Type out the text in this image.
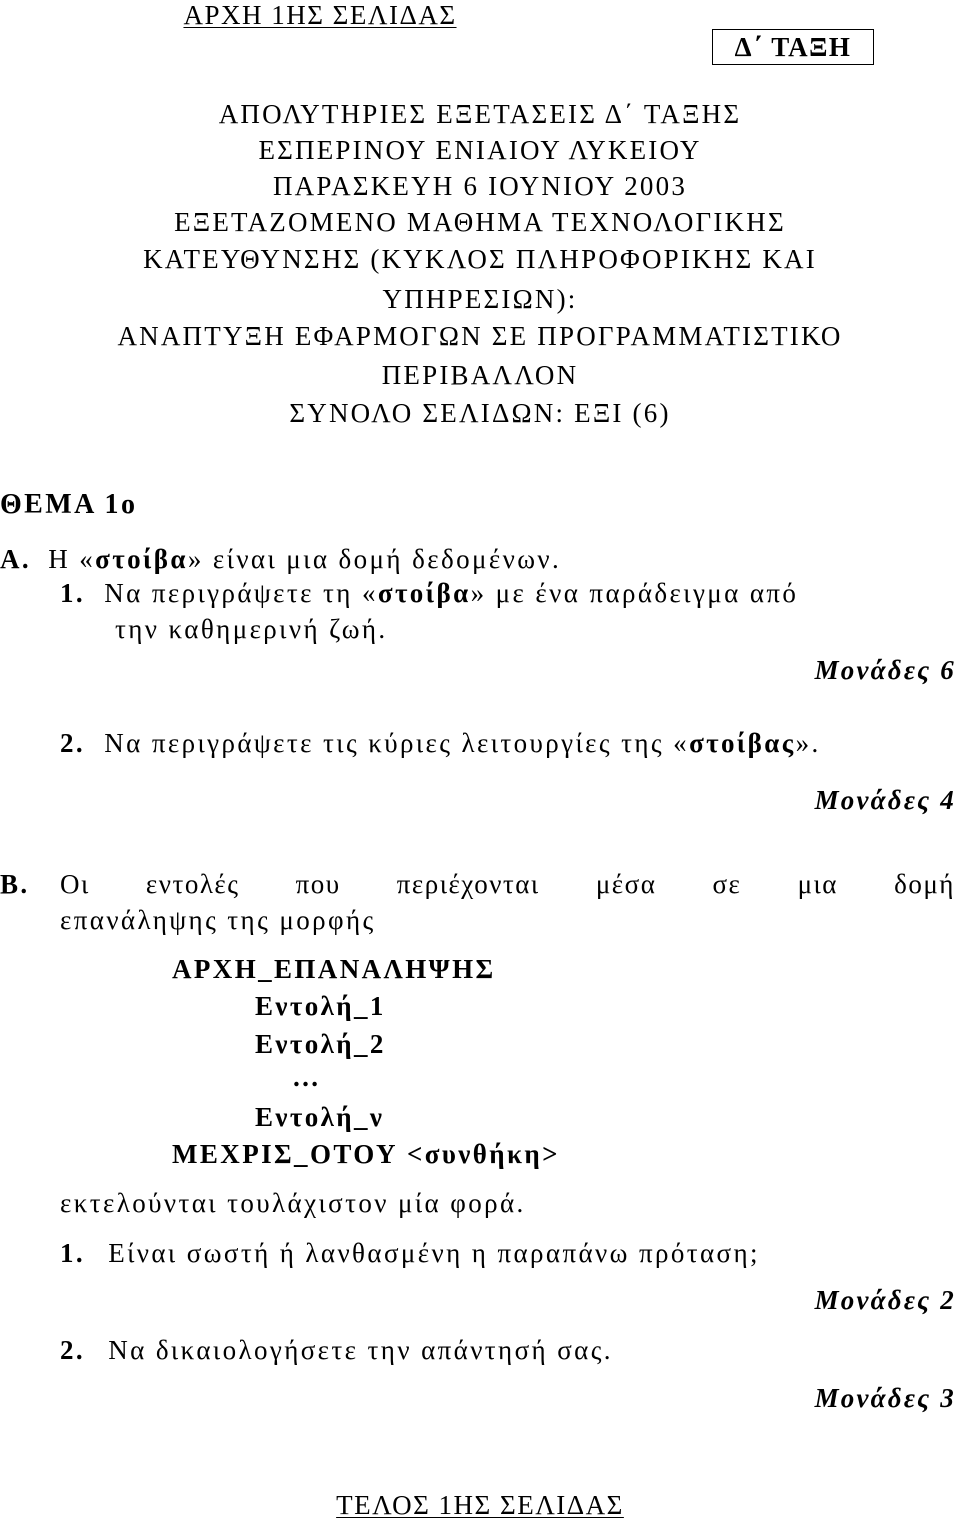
ΑΡΧΗ 1ΗΣ ΣΕΛΙΔΑΣ
Δ΄ ΤΑΞΗ
ΑΠΟΛΥΤΗΡΙΕΣ ΕΞΕΤΑΣΕΙΣ Δ΄ ΤΑΞΗΣ
ΕΣΠΕΡΙΝΟΥ ΕΝΙΑΙΟΥ ΛΥΚΕΙΟΥ
ΠΑΡΑΣΚΕΥΗ 6 ΙΟΥΝΙΟΥ 2003
ΕΞΕΤΑΖΟΜΕΝΟ ΜΑΘΗΜΑ ΤΕΧΝΟΛΟΓΙΚΗΣ
ΚΑΤΕΥΘΥΝΣΗΣ (ΚΥΚΛΟΣ ΠΛΗΡΟΦΟΡΙΚΗΣ ΚΑΙ
ΥΠΗΡΕΣΙΩΝ):
ΑΝΑΠΤΥΞΗ ΕΦΑΡΜΟΓΩΝ ΣΕ ΠΡΟΓΡΑΜΜΑΤΙΣΤΙΚΟ
ΠΕΡΙΒΑΛΛΟΝ
ΣΥΝΟΛΟ ΣΕΛΙΔΩΝ: ΕΞΙ (6)
ΘΕΜΑ 1ο
Α. Η «στοίβα» είναι μια δομή δεδομένων.
1. Να περιγράψετε τη «στοίβα» με ένα παράδειγμα από
την καθημερινή ζωή.
Μονάδες 6
2. Να περιγράψετε τις κύριες λειτουργίες της «στοίβας».
Μονάδες 4
Β. Οι εντολές που περιέχονται μέσα σε μια δομή
επανάληψης της μορφής
ΑΡΧΗ_ΕΠΑΝΑΛΗΨΗΣ
Εντολή_1
Εντολή_2
…
Εντολή_ν
ΜΕΧΡΙΣ_ΟΤΟΥ <συνθήκη>
εκτελούνται τουλάχιστον μία φορά.
1. Είναι σωστή ή λανθασμένη η παραπάνω πρόταση;
Μονάδες 2
2. Να δικαιολογήσετε την απάντησή σας.
Μονάδες 3
ΤΕΛΟΣ 1ΗΣ ΣΕΛΙΔΑΣ
